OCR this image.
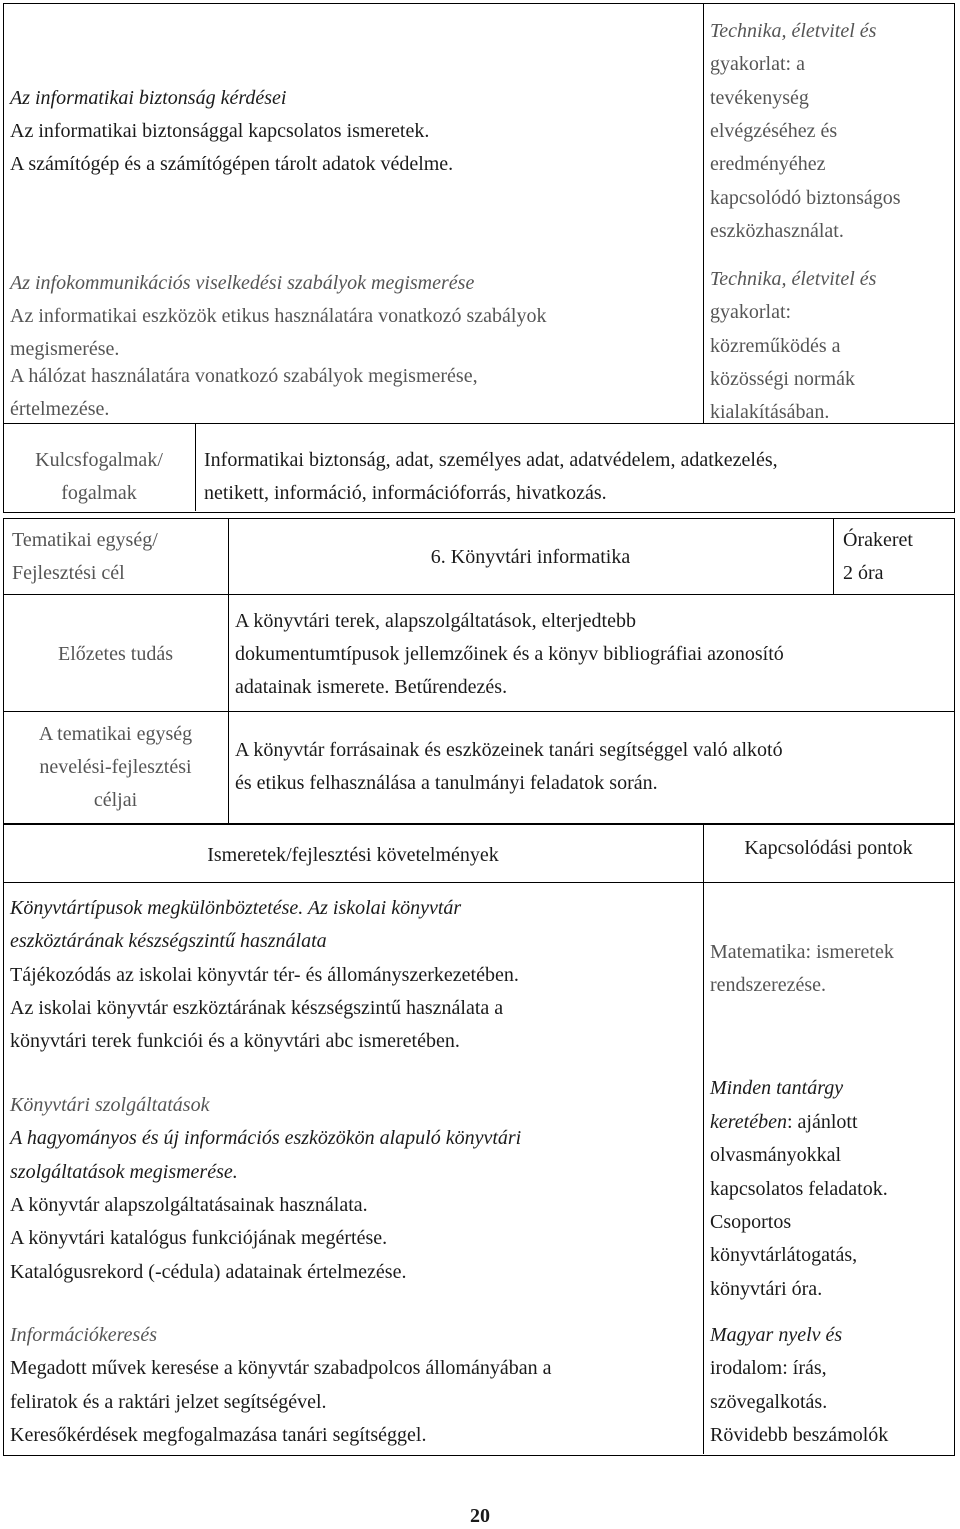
Az informatikai biztonság kérdései
Az informatikai biztonsággal kapcsolatos ismeretek.
A számítógép és a számítógépen tárolt adatok védelme.
Technika, életvitel és
gyakorlat: a
tevékenység
elvégzéséhez és
eredményéhez
kapcsolódó biztonságos
eszközhasználat.
Az infokommunikációs viselkedési szabályok megismerése
Az informatikai eszközök etikus használatára vonatkozó szabályok
megismerése.
A hálózat használatára vonatkozó szabályok megismerése,
értelmezése.
Technika, életvitel és
gyakorlat:
közreműködés a
közösségi normák
kialakításában.
Kulcsfogalmak/
fogalmak
Informatikai biztonság, adat, személyes adat, adatvédelem, adatkezelés,
netikett, információ, információforrás, hivatkozás.
Tematikai egység/
Fejlesztési cél
6. Könyvtári informatika
Órakeret
2 óra
Előzetes tudás
A könyvtári terek, alapszolgáltatások, elterjedtebb
dokumentumtípusok jellemzőinek és a könyv bibliográfiai azonosító
adatainak ismerete. Betűrendezés.
A tematikai egység
nevelési-fejlesztési
céljai
A könyvtár forrásainak és eszközeinek tanári segítséggel való alkotó
és etikus felhasználása a tanulmányi feladatok során.
Ismeretek/fejlesztési követelmények	Kapcsolódási pontok
Könyvtártípusok megkülönböztetése. Az iskolai könyvtár
eszköztárának készségszintű használata
Tájékozódás az iskolai könyvtár tér- és állományszerkezetében.
Az iskolai könyvtár eszköztárának készségszintű használata a
könyvtári terek funkciói és a könyvtári abc ismeretében.
Matematika: ismeretek
rendszerezése.
Könyvtári szolgáltatások
A hagyományos és új információs eszközökön alapuló könyvtári
szolgáltatások megismerése.
A könyvtár alapszolgáltatásainak használata.
A könyvtári katalógus funkciójának megértése.
Katalógusrekord (-cédula) adatainak értelmezése.
Minden tantárgy
keretében: ajánlott
olvasmányokkal
kapcsolatos feladatok.
Csoportos
könyvtárlátogatás,
könyvtári óra.
Információkeresés
Megadott művek keresése a könyvtár szabadpolcos állományában a
feliratok és a raktári jelzet segítségével.
Keresőkérdések megfogalmazása tanári segítséggel.
Magyar nyelv és
irodalom: írás,
szövegalkotás.
Rövidebb beszámolók
20
